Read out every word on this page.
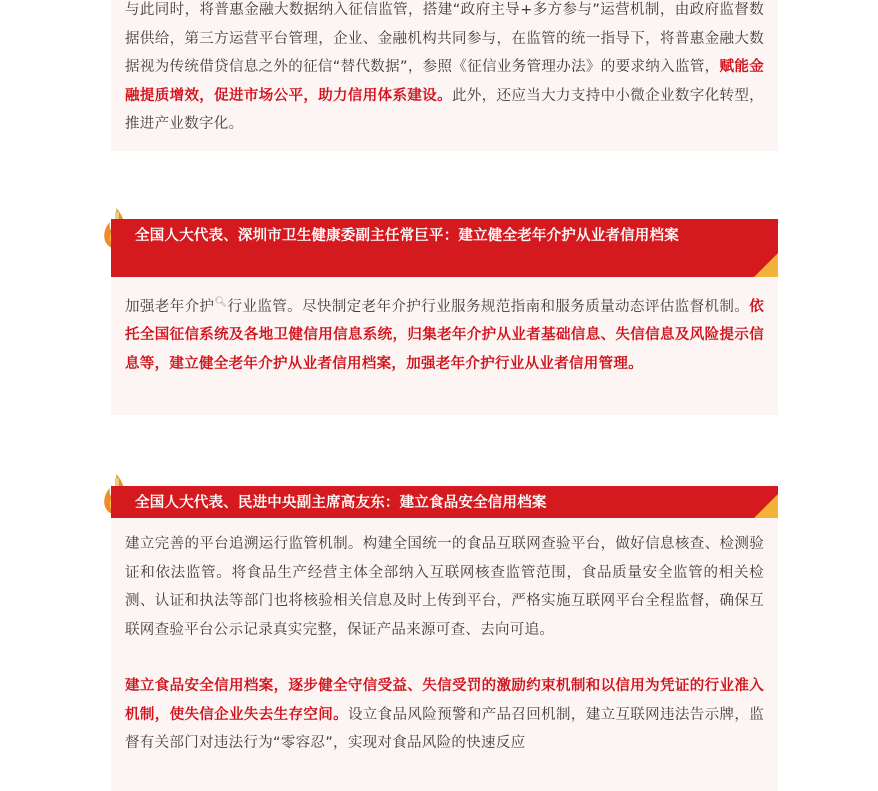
与此同时，将普惠金融大数据纳入征信监管，搭建“政府主导+多方参与”运营机制，由政府监督数据供给，第三方运营平台管理，企业、金融机构共同参与，在监管的统一指导下，将普惠金融大数据视为传统借贷信息之外的征信“替代数据”，参照《征信业务管理办法》的要求纳入监管，赋能金融提质增效，促进市场公平，助力信用体系建设。此外，还应当大力支持中小微企业数字化转型，推进产业数字化。

全国人大代表、深圳市卫生健康委副主任常巨平：建立健全老年介护从业者信用档案

加强老年介护🔍︎行业监管。尽快制定老年介护行业服务规范指南和服务质量动态评估监督机制。依托全国征信系统及各地卫健信用信息系统，归集老年介护从业者基础信息、失信信息及风险提示信息等，建立健全老年介护从业者信用档案，加强老年介护行业从业者信用管理。

全国人大代表、民进中央副主席高友东：建立食品安全信用档案

建立完善的平台追溯运行监管机制。构建全国统一的食品互联网查验平台，做好信息核查、检测验证和依法监管。将食品生产经营主体全部纳入互联网核查监管范围，食品质量安全监管的相关检测、认证和执法等部门也将核验相关信息及时上传到平台，严格实施互联网平台全程监督，确保互联网查验平台公示记录真实完整，保证产品来源可查、去向可追。

建立食品安全信用档案，逐步健全守信受益、失信受罚的激励约束机制和以信用为凭证的行业准入机制，使失信企业失去生存空间。设立食品风险预警和产品召回机制，建立互联网违法告示牌，监督有关部门对违法行为“零容忍”，实现对食品风险的快速反应
